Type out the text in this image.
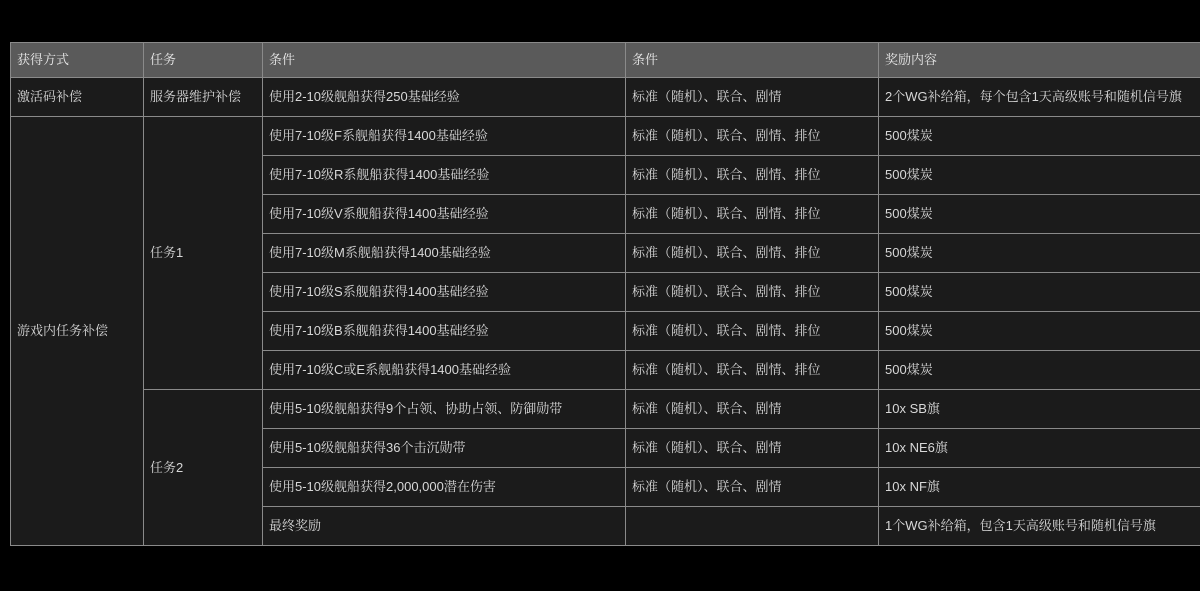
获得方式	任务	条件	条件	奖励内容
激活码补偿	服务器维护补偿	使用2-10级舰船获得250基础经验	标准（随机）、联合、剧情	2个WG补给箱，每个包含1天高级账号和随机信号旗
游戏内任务补偿	任务1	使用7-10级F系舰船获得1400基础经验	标准（随机）、联合、剧情、排位	500煤炭
		使用7-10级R系舰船获得1400基础经验	标准（随机）、联合、剧情、排位	500煤炭
		使用7-10级V系舰船获得1400基础经验	标准（随机）、联合、剧情、排位	500煤炭
		使用7-10级M系舰船获得1400基础经验	标准（随机）、联合、剧情、排位	500煤炭
		使用7-10级S系舰船获得1400基础经验	标准（随机）、联合、剧情、排位	500煤炭
		使用7-10级B系舰船获得1400基础经验	标准（随机）、联合、剧情、排位	500煤炭
		使用7-10级C或E系舰船获得1400基础经验	标准（随机）、联合、剧情、排位	500煤炭
	任务2	使用5-10级舰船获得9个占领、协助占领、防御勋带	标准（随机）、联合、剧情	10x SB旗
		使用5-10级舰船获得36个击沉勋带	标准（随机）、联合、剧情	10x NE6旗
		使用5-10级舰船获得2,000,000潜在伤害	标准（随机）、联合、剧情	10x NF旗
		最终奖励		1个WG补给箱，包含1天高级账号和随机信号旗
